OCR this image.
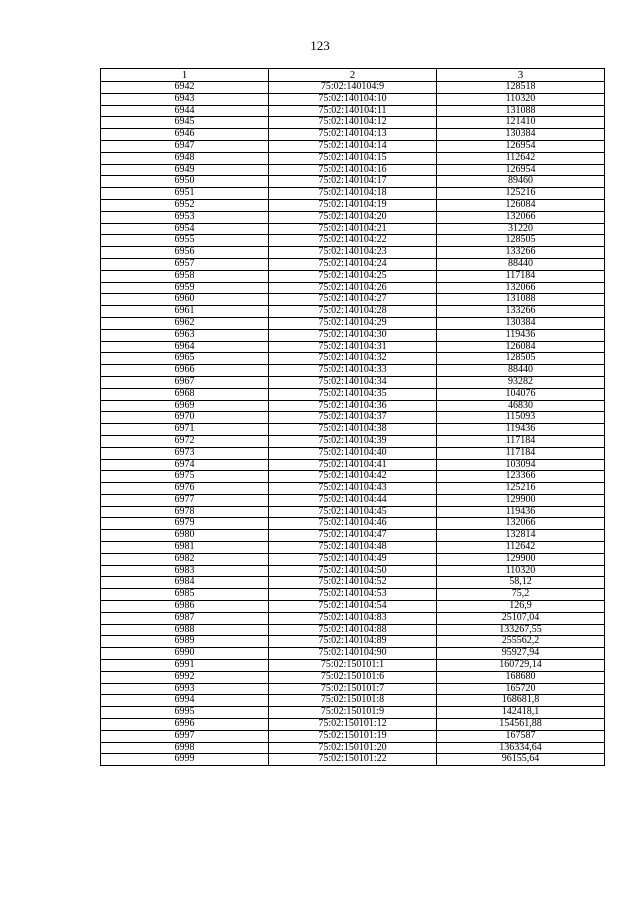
123
1	2	3
6942	75:02:140104:9	128518
6943	75:02:140104:10	110320
6944	75:02:140104:11	131088
6945	75:02:140104:12	121410
6946	75:02:140104:13	130384
6947	75:02:140104:14	126954
6948	75:02:140104:15	112642
6949	75:02:140104:16	126954
6950	75:02:140104:17	89460
6951	75:02:140104:18	125216
6952	75:02:140104:19	126084
6953	75:02:140104:20	132066
6954	75:02:140104:21	31220
6955	75:02:140104:22	128505
6956	75:02:140104:23	133266
6957	75:02:140104:24	88440
6958	75:02:140104:25	117184
6959	75:02:140104:26	132066
6960	75:02:140104:27	131088
6961	75:02:140104:28	133266
6962	75:02:140104:29	130384
6963	75:02:140104:30	119436
6964	75:02:140104:31	126084
6965	75:02:140104:32	128505
6966	75:02:140104:33	88440
6967	75:02:140104:34	93282
6968	75:02:140104:35	104076
6969	75:02:140104:36	46830
6970	75:02:140104:37	115093
6971	75:02:140104:38	119436
6972	75:02:140104:39	117184
6973	75:02:140104:40	117184
6974	75:02:140104:41	103094
6975	75:02:140104:42	123366
6976	75:02:140104:43	125216
6977	75:02:140104:44	129900
6978	75:02:140104:45	119436
6979	75:02:140104:46	132066
6980	75:02:140104:47	132814
6981	75:02:140104:48	112642
6982	75:02:140104:49	129900
6983	75:02:140104:50	110320
6984	75:02:140104:52	58,12
6985	75:02:140104:53	75,2
6986	75:02:140104:54	126,9
6987	75:02:140104:83	25107,04
6988	75:02:140104:88	133267,55
6989	75:02:140104:89	255562,2
6990	75:02:140104:90	95927,94
6991	75:02:150101:1	160729,14
6992	75:02:150101:6	168680
6993	75:02:150101:7	165720
6994	75:02:150101:8	168681,8
6995	75:02:150101:9	142418,1
6996	75:02:150101:12	154561,88
6997	75:02:150101:19	167587
6998	75:02:150101:20	136334,64
6999	75:02:150101:22	96155,64
